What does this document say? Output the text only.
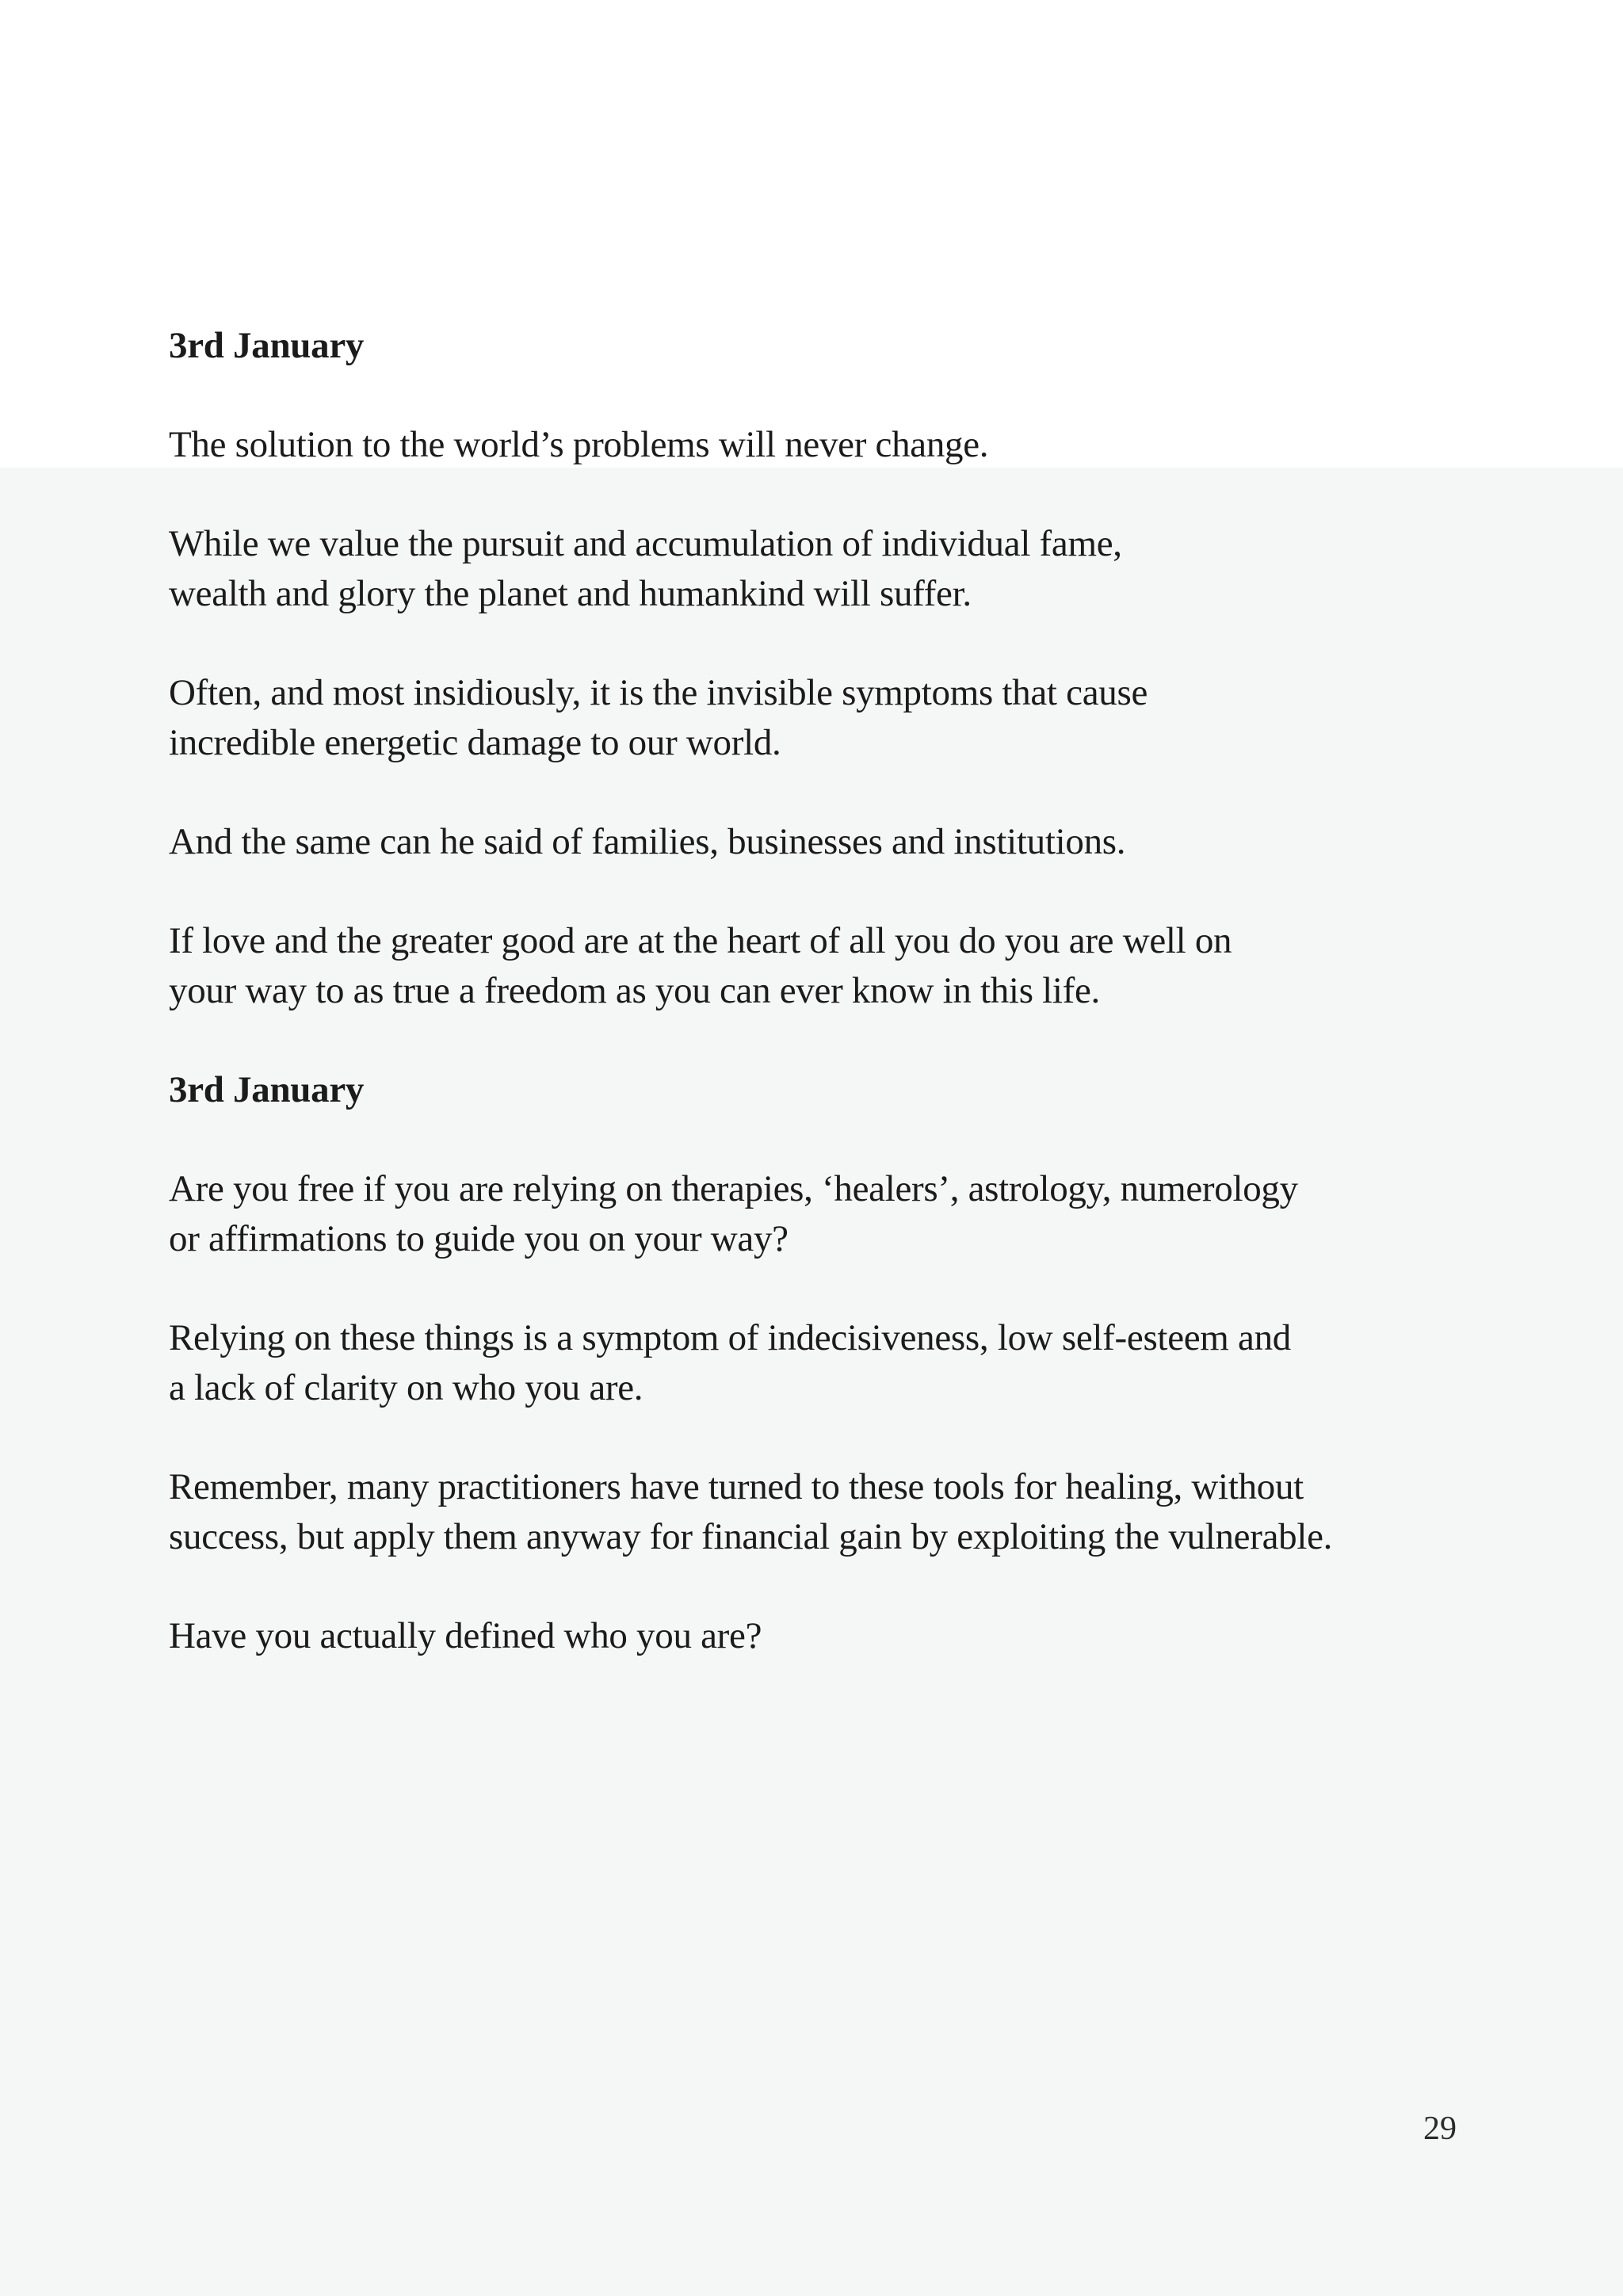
3rd January
The solution to the world’s problems will never change.
While we value the pursuit and accumulation of individual fame,
wealth and glory the planet and humankind will suffer.
Often, and most insidiously, it is the invisible symptoms that cause
incredible energetic damage to our world.
And the same can he said of families, businesses and institutions.
If love and the greater good are at the heart of all you do you are well on
your way to as true a freedom as you can ever know in this life.
3rd January
Are you free if you are relying on therapies, ‘healers’, astrology, numerology
or affirmations to guide you on your way?
Relying on these things is a symptom of indecisiveness, low self-esteem and
a lack of clarity on who you are.
Remember, many practitioners have turned to these tools for healing, without
success, but apply them anyway for financial gain by exploiting the vulnerable.
Have you actually defined who you are?
29
